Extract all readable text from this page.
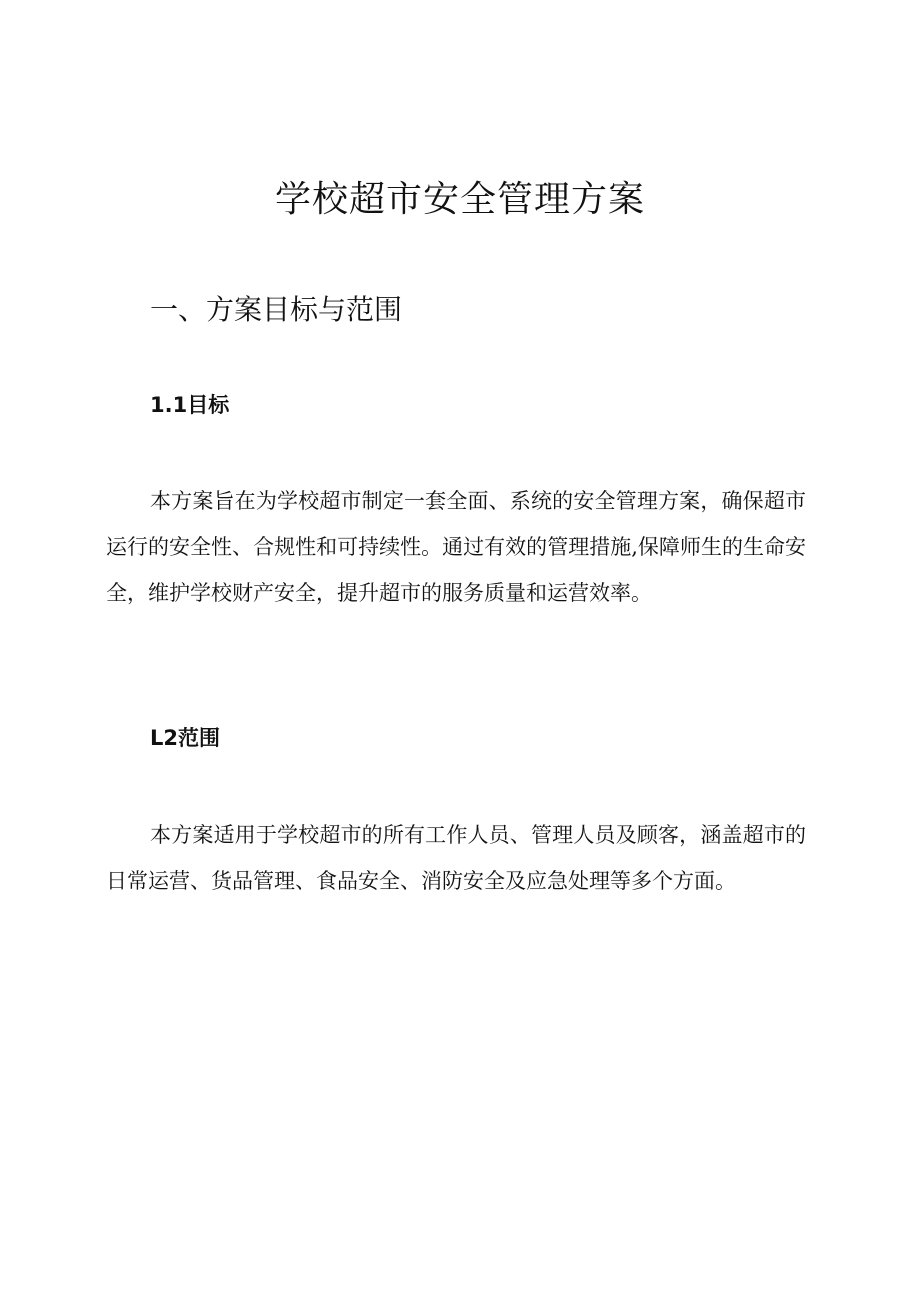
学校超市安全管理方案
一、方案目标与范围
1.1目标

本方案旨在为学校超市制定一套全面、系统的安全管理方案，确保超市运行的安全性、合规性和可持续性。通过有效的管理措施,保障师生的生命安全，维护学校财产安全，提升超市的服务质量和运营效率。

L2范围

本方案适用于学校超市的所有工作人员、管理人员及顾客，涵盖超市的日常运营、货品管理、食品安全、消防安全及应急处理等多个方面。
